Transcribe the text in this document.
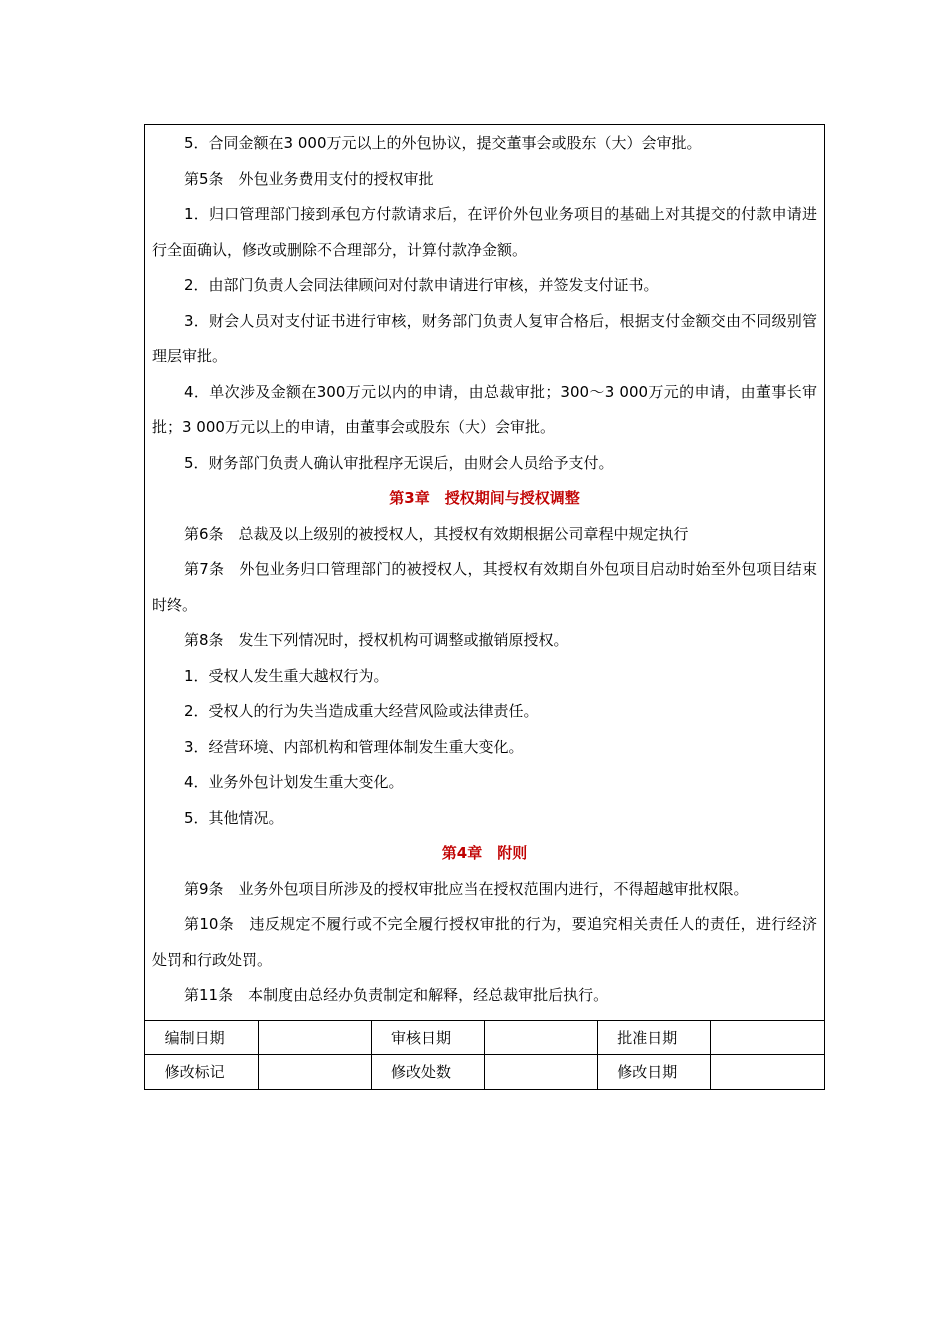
5．合同金额在3 000万元以上的外包协议，提交董事会或股东（大）会审批。

第5条　外包业务费用支付的授权审批

1．归口管理部门接到承包方付款请求后，在评价外包业务项目的基础上对其提交的付款申请进行全面确认，修改或删除不合理部分，计算付款净金额。

2．由部门负责人会同法律顾问对付款申请进行审核，并签发支付证书。

3．财会人员对支付证书进行审核，财务部门负责人复审合格后，根据支付金额交由不同级别管理层审批。

4．单次涉及金额在300万元以内的申请，由总裁审批；300～3 000万元的申请，由董事长审批；3 000万元以上的申请，由董事会或股东（大）会审批。

5．财务部门负责人确认审批程序无误后，由财会人员给予支付。

第3章　授权期间与授权调整

第6条　总裁及以上级别的被授权人，其授权有效期根据公司章程中规定执行

第7条　外包业务归口管理部门的被授权人，其授权有效期自外包项目启动时始至外包项目结束时终。

第8条　发生下列情况时，授权机构可调整或撤销原授权。

1．受权人发生重大越权行为。

2．受权人的行为失当造成重大经营风险或法律责任。

3．经营环境、内部机构和管理体制发生重大变化。

4．业务外包计划发生重大变化。

5．其他情况。

第4章　附则

第9条　业务外包项目所涉及的授权审批应当在授权范围内进行，不得超越审批权限。

第10条　违反规定不履行或不完全履行授权审批的行为，要追究相关责任人的责任，进行经济处罚和行政处罚。

第11条　本制度由总经办负责制定和解释，经总裁审批后执行。

编制日期		审核日期		批准日期	
修改标记		修改处数		修改日期	
